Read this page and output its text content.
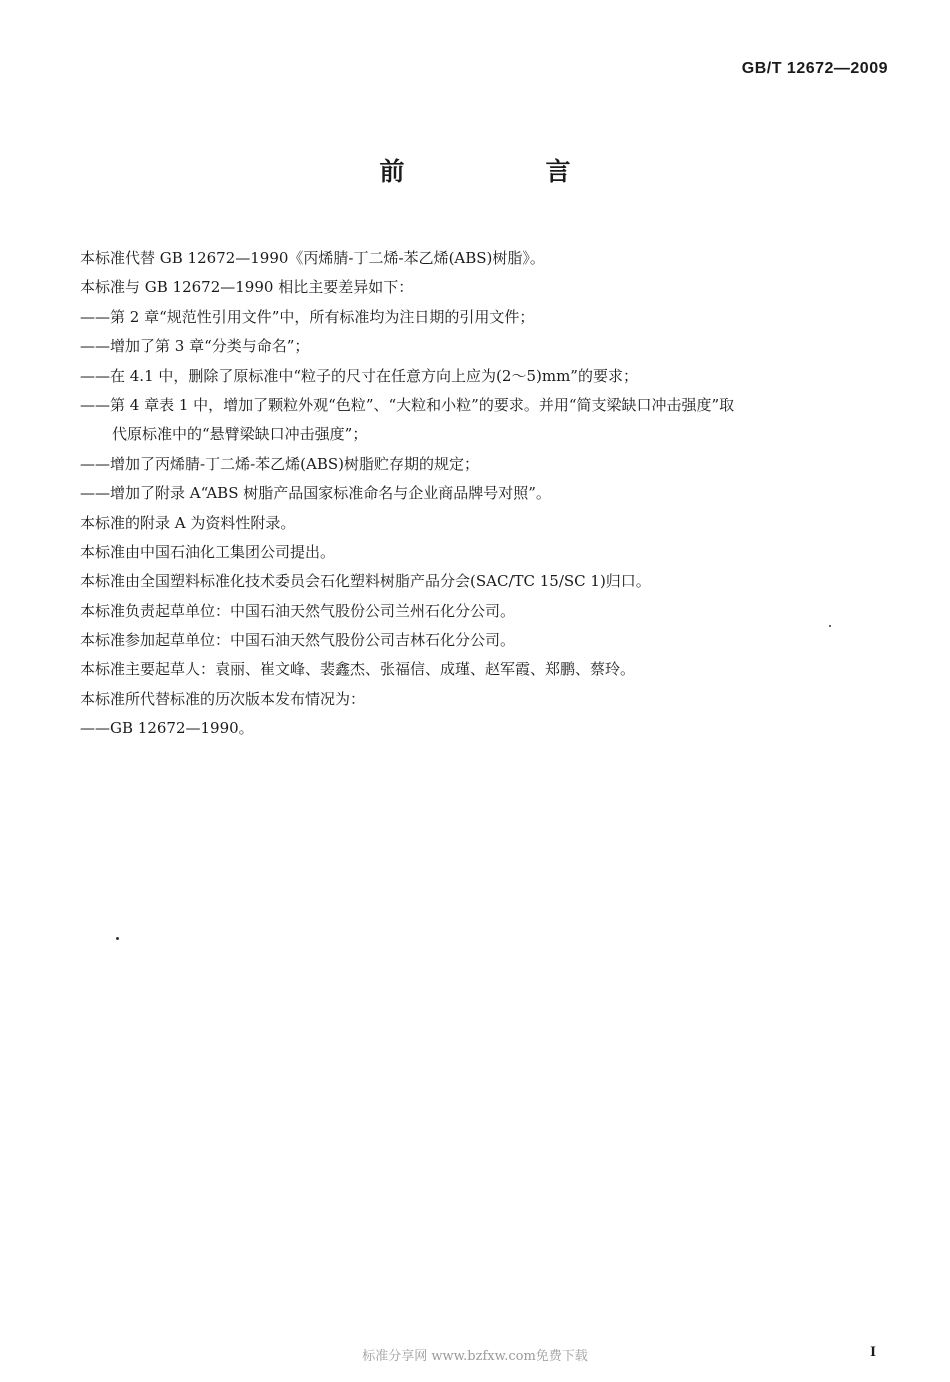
GB/T 12672—2009
前　言
本标准代替 GB 12672—1990《丙烯腈-丁二烯-苯乙烯(ABS)树脂》。
本标准与 GB 12672—1990 相比主要差异如下：
——第 2 章“规范性引用文件”中，所有标准均为注日期的引用文件；
——增加了第 3 章“分类与命名”；
——在 4.1 中，删除了原标准中“粒子的尺寸在任意方向上应为(2～5)mm”的要求；
——第 4 章表 1 中，增加了颗粒外观“色粒”、“大粒和小粒”的要求。并用“简支梁缺口冲击强度”取
代原标准中的“悬臂梁缺口冲击强度”；
——增加了丙烯腈-丁二烯-苯乙烯(ABS)树脂贮存期的规定；
——增加了附录 A“ABS 树脂产品国家标准命名与企业商品牌号对照”。
本标准的附录 A 为资料性附录。
本标准由中国石油化工集团公司提出。
本标准由全国塑料标准化技术委员会石化塑料树脂产品分会(SAC/TC 15/SC 1)归口。
本标准负责起草单位：中国石油天然气股份公司兰州石化分公司。
本标准参加起草单位：中国石油天然气股份公司吉林石化分公司。
本标准主要起草人：袁丽、崔文峰、裴鑫杰、张福信、成瑾、赵军霞、郑鹏、蔡玲。
本标准所代替标准的历次版本发布情况为：
——GB 12672—1990。
标准分享网 www.bzfxw.com免费下载	I
